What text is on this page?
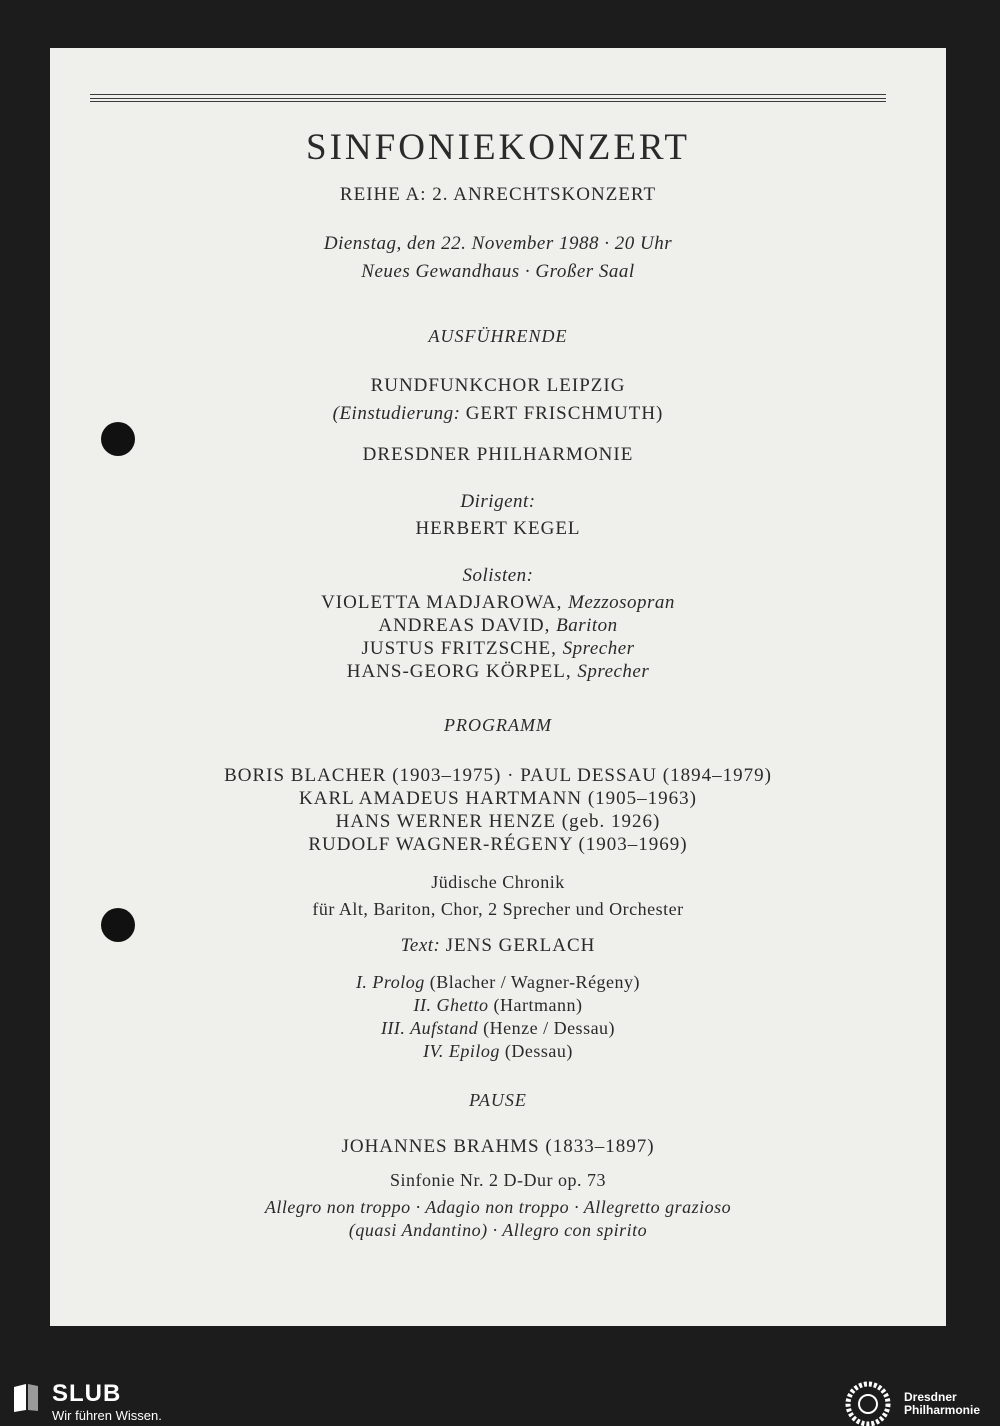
SINFONIEKONZERT
REIHE A: 2. ANRECHTSKONZERT
Dienstag, den 22. November 1988 · 20 Uhr
Neues Gewandhaus · Großer Saal
AUSFÜHRENDE
RUNDFUNKCHOR LEIPZIG
(Einstudierung: GERT FRISCHMUTH)
DRESDNER PHILHARMONIE
Dirigent:
HERBERT KEGEL
Solisten:
VIOLETTA MADJAROWA, Mezzosopran
ANDREAS DAVID, Bariton
JUSTUS FRITZSCHE, Sprecher
HANS-GEORG KÖRPEL, Sprecher
PROGRAMM
BORIS BLACHER (1903–1975) · PAUL DESSAU (1894–1979)
KARL AMADEUS HARTMANN (1905–1963)
HANS WERNER HENZE (geb. 1926)
RUDOLF WAGNER-RÉGENY (1903–1969)
Jüdische Chronik
für Alt, Bariton, Chor, 2 Sprecher und Orchester
Text: JENS GERLACH
I. Prolog (Blacher / Wagner-Régeny)
II. Ghetto (Hartmann)
III. Aufstand (Henze / Dessau)
IV. Epilog (Dessau)
PAUSE
JOHANNES BRAHMS (1833–1897)
Sinfonie Nr. 2 D-Dur op. 73
Allegro non troppo · Adagio non troppo · Allegretto grazioso
(quasi Andantino) · Allegro con spirito
SLUB
Wir führen Wissen.
Dresdner
Philharmonie
